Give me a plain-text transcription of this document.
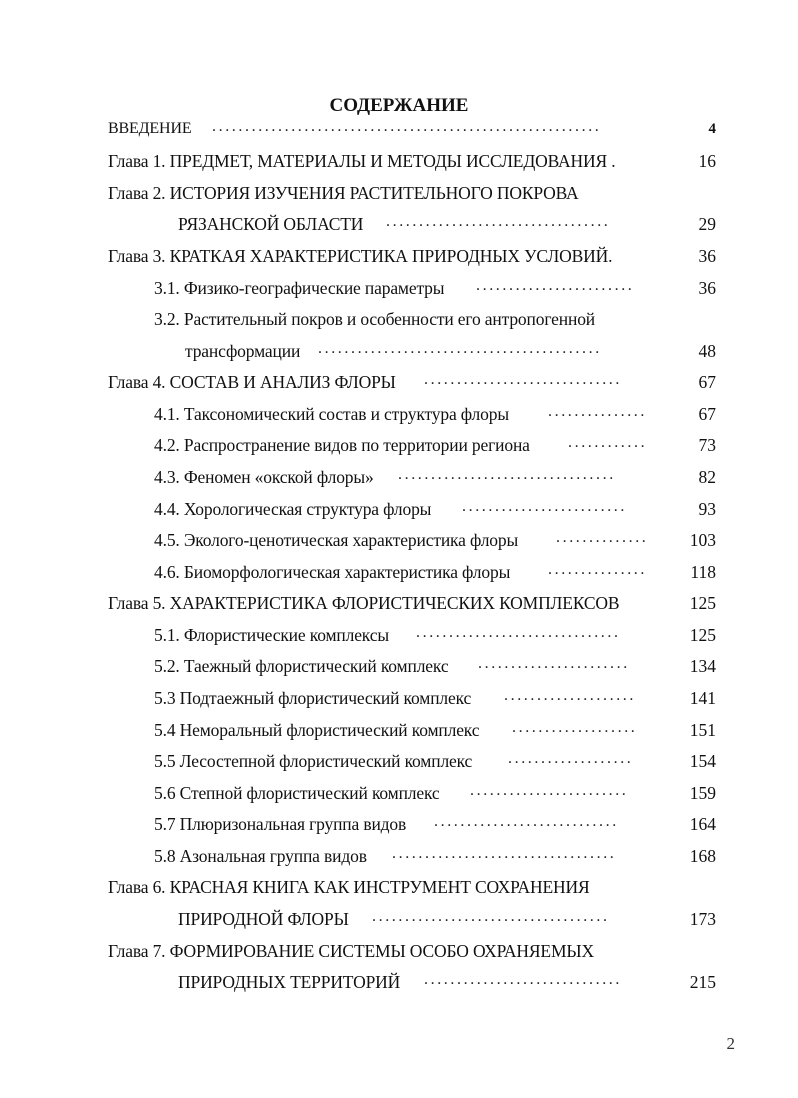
СОДЕРЖАНИЕ
ВВЕДЕНИЕ ...........................................................	4
Глава 1. ПРЕДМЕТ, МАТЕРИАЛЫ И МЕТОДЫ ИССЛЕДОВАНИЯ .	16
Глава 2. ИСТОРИЯ ИЗУЧЕНИЯ РАСТИТЕЛЬНОГО ПОКРОВА
РЯЗАНСКОЙ ОБЛАСТИ ..................................	29
Глава 3. КРАТКАЯ ХАРАКТЕРИСТИКА ПРИРОДНЫХ УСЛОВИЙ.	36
3.1. Физико-географические параметры ........................	36
3.2. Растительный покров и особенности его антропогенной
трансформации ...........................................	48
Глава 4. СОСТАВ И АНАЛИЗ ФЛОРЫ ..............................	67
4.1. Таксономический состав и структура флоры ...............	67
4.2. Распространение видов по территории региона ............	73
4.3. Феномен «окской флоры» .................................	82
4.4. Хорологическая структура флоры .........................	93
4.5. Эколого-ценотическая характеристика флоры ..............	103
4.6. Биоморфологическая характеристика флоры ...............	118
Глава 5. ХАРАКТЕРИСТИКА ФЛОРИСТИЧЕСКИХ КОМПЛЕКСОВ	125
5.1. Флористические комплексы ...............................	125
5.2. Таежный флористический комплекс .......................	134
5.3 Подтаежный флористический комплекс ....................	141
5.4 Неморальный флористический комплекс ...................	151
5.5 Лесостепной флористический комплекс ...................	154
5.6 Степной флористический комплекс ........................	159
5.7 Плюризональная группа видов ............................	164
5.8 Азональная группа видов ..................................	168
Глава 6. КРАСНАЯ КНИГА КАК ИНСТРУМЕНТ СОХРАНЕНИЯ
ПРИРОДНОЙ ФЛОРЫ ....................................	173
Глава 7. ФОРМИРОВАНИЕ СИСТЕМЫ ОСОБО ОХРАНЯЕМЫХ
ПРИРОДНЫХ ТЕРРИТОРИЙ ..............................	215
2
